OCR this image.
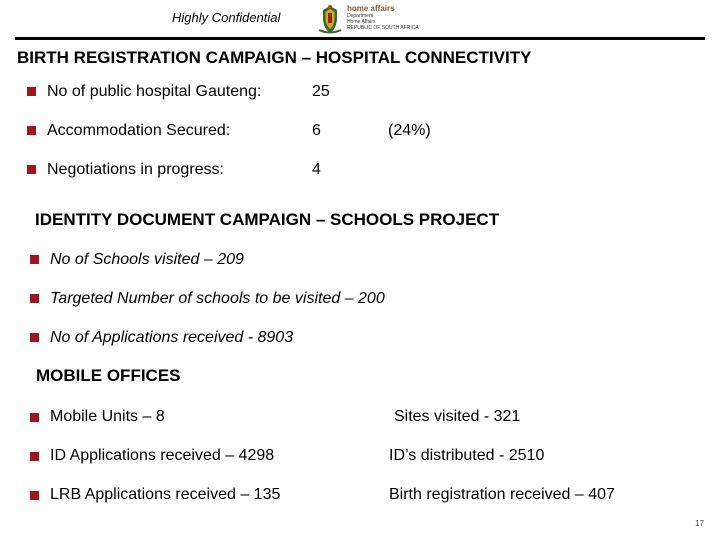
Highly Confidential
home affairs
Department
Home Affairs
REPUBLIC OF SOUTH AFRICA
BIRTH REGISTRATION CAMPAIGN – HOSPITAL CONNECTIVITY
No of public hospital Gauteng:	25
Accommodation Secured:	6	(24%)
Negotiations in progress:	4
IDENTITY DOCUMENT CAMPAIGN – SCHOOLS PROJECT
No of Schools visited – 209
Targeted Number of schools to be visited – 200
No of Applications received - 8903
MOBILE OFFICES
Mobile Units – 8	Sites visited - 321
ID Applications received – 4298	ID’s distributed - 2510
LRB Applications received – 135	Birth registration received – 407
17
